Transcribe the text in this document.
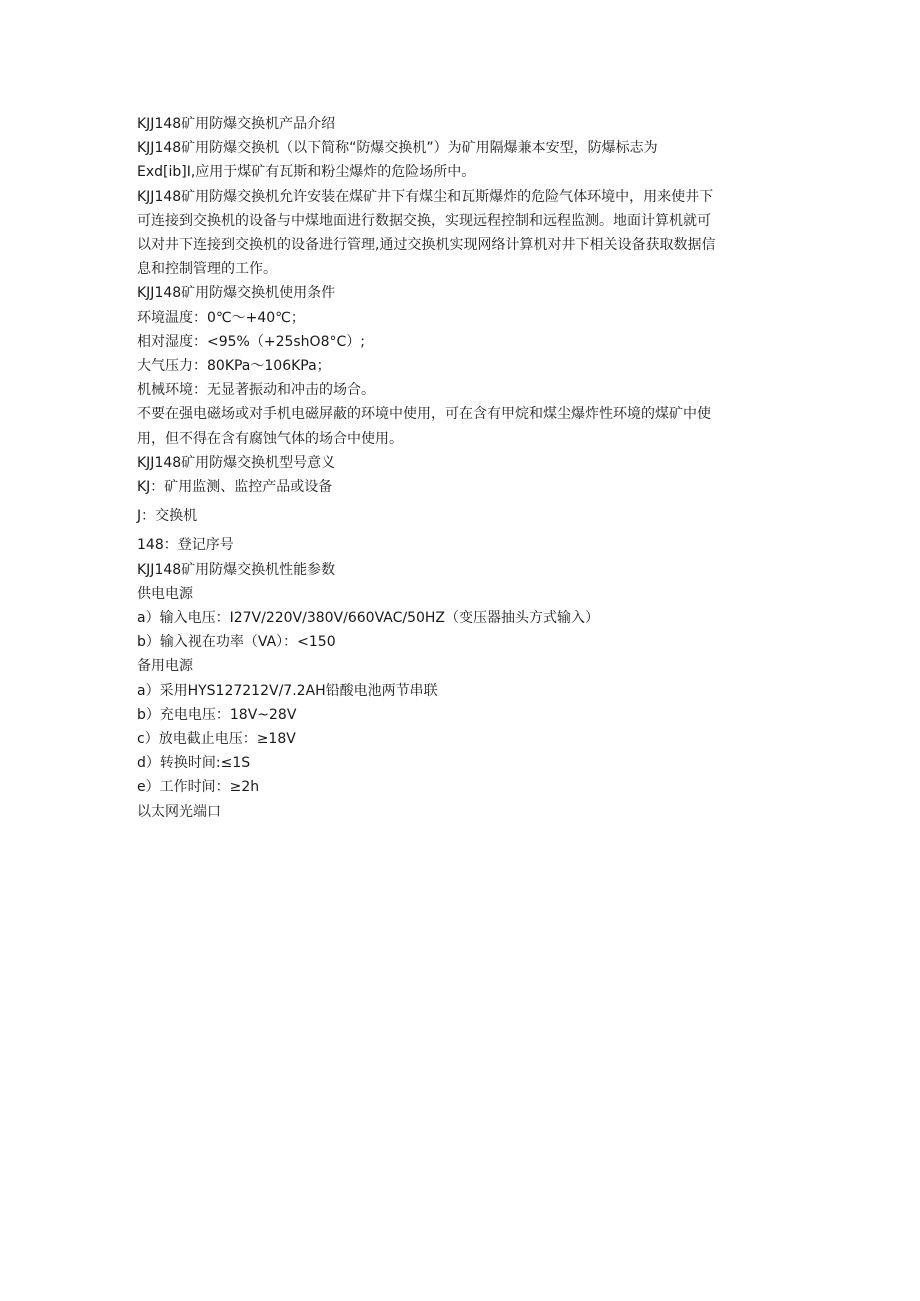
KJJ148矿用防爆交换机产品介绍
KJJ148矿用防爆交换机（以下简称“防爆交换机”）为矿用隔爆兼本安型，防爆标志为
Exd[ib]I,应用于煤矿有瓦斯和粉尘爆炸的危险场所中。
KJJ148矿用防爆交换机允许安装在煤矿井下有煤尘和瓦斯爆炸的危险气体环境中，用来使井下
可连接到交换机的设备与中煤地面进行数据交换，实现远程控制和远程监测。地面计算机就可
以对井下连接到交换机的设备进行管理,通过交换机实现网络计算机对井下相关设备获取数据信
息和控制管理的工作。
KJJ148矿用防爆交换机使用条件
环境温度：0℃～+40℃；
相对湿度：<95%（+25shO8°C）;
大气压力：80KPa～106KPa；
机械环境：无显著振动和冲击的场合。
不要在强电磁场或对手机电磁屏蔽的环境中使用，可在含有甲烷和煤尘爆炸性环境的煤矿中使
用，但不得在含有腐蚀气体的场合中使用。
KJJ148矿用防爆交换机型号意义
KJ：矿用监测、监控产品或设备
J：交换机
148：登记序号
KJJ148矿用防爆交换机性能参数
供电电源
a）输入电压：I27V∕220V∕380V∕660VAC∕50HZ（变压器抽头方式输入）
b）输入视在功率（VA）：<150
备用电源
a）采用HYS127212V/7.2AH铅酸电池两节串联
b）充电电压：18V~28V
c）放电截止电压：≥18V
d）转换时间:≤1S
e）工作时间：≥2h
以太网光端口
